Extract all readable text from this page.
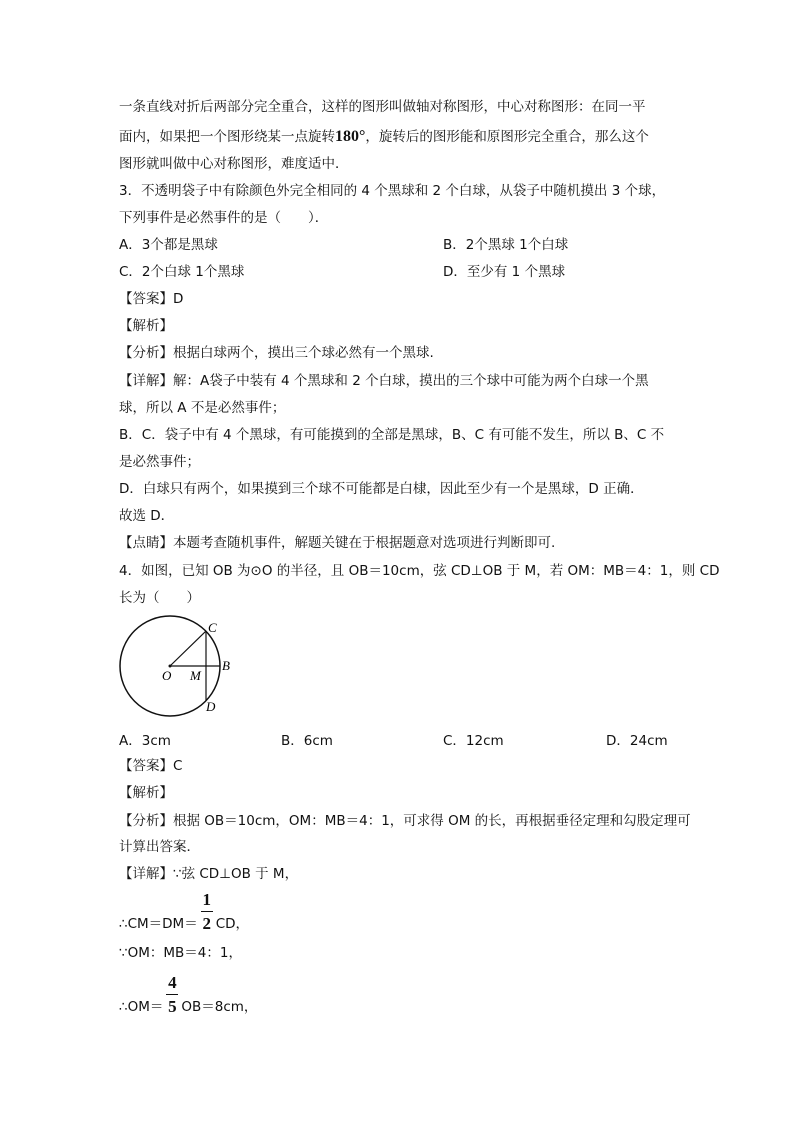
一条直线对折后两部分完全重合，这样的图形叫做轴对称图形，中心对称图形：在同一平
面内，如果把一个图形绕某一点旋转180°，旋转后的图形能和原图形完全重合，那么这个
图形就叫做中心对称图形，难度适中．
3．不透明袋子中有除颜色外完全相同的 4 个黑球和 2 个白球，从袋子中随机摸出 3 个球，
下列事件是必然事件的是（　　）．
A．3个都是黑球	B．2个黑球 1个白球
C．2个白球 1个黑球	D．至少有 1 个黑球
【答案】D
【解析】
【分析】根据白球两个，摸出三个球必然有一个黑球.
【详解】解：A袋子中装有 4 个黑球和 2 个白球，摸出的三个球中可能为两个白球一个黑
球，所以 A 不是必然事件；
B．C．袋子中有 4 个黑球，有可能摸到的全部是黑球，B、C 有可能不发生，所以 B、C 不
是必然事件；
D．白球只有两个，如果摸到三个球不可能都是白棣，因此至少有一个是黑球，D 正确．
故选 D．
【点睛】本题考查随机事件，解题关键在于根据题意对选项进行判断即可.
4．如图，已知 OB 为⊙O 的半径，且 OB＝10cm，弦 CD⊥OB 于 M，若 OM：MB＝4：1，则 CD
长为（　　）
O M
B
C
D
A．3cm	B．6cm	C．12cm	D．24cm
【答案】C
【解析】
【分析】根据 OB＝10cm，OM：MB＝4：1，可求得 OM 的长，再根据垂径定理和勾股定理可
计算出答案．
【详解】∵弦 CD⊥OB 于 M，
∴CM＝DM＝ $\frac{1}{2}$ CD，
∵OM：MB＝4：1，
∴OM＝ $\frac{4}{5} OB=8cm$，
